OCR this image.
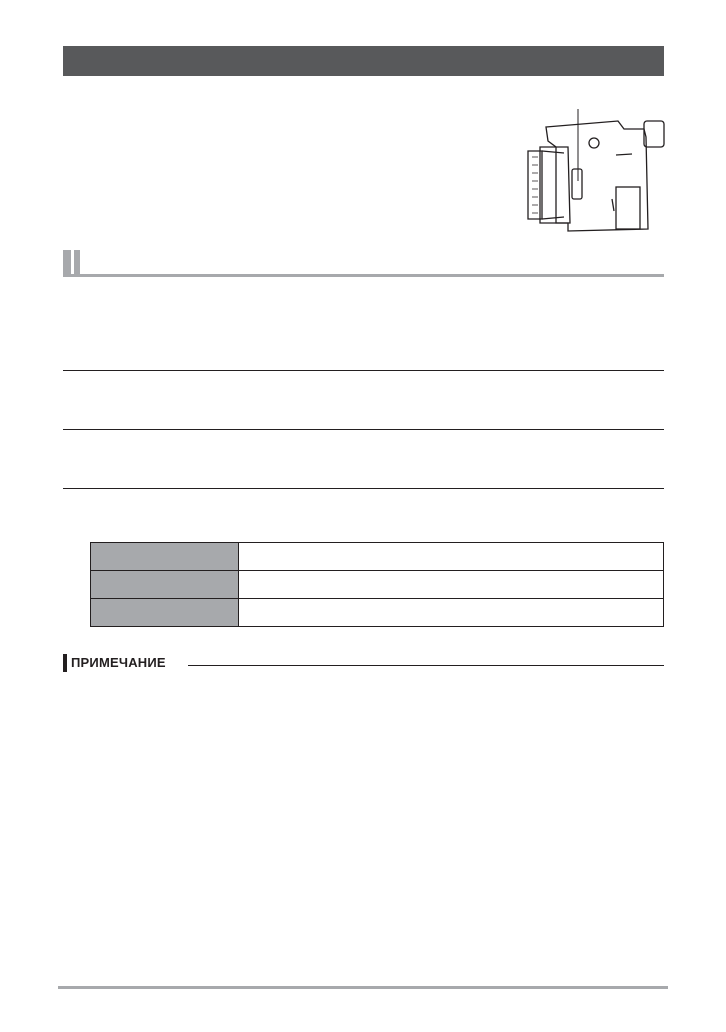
ПРИМЕЧАНИЕ
